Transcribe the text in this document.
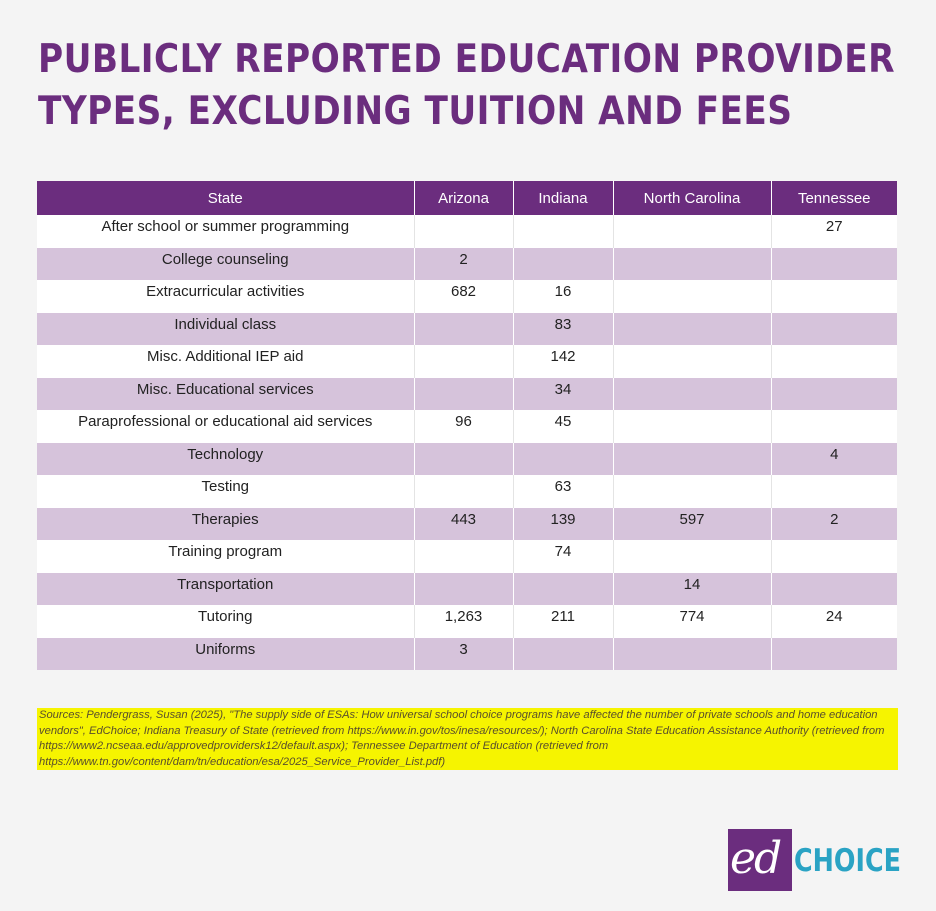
PUBLICLY REPORTED EDUCATION PROVIDER
TYPES, EXCLUDING TUITION AND FEES
State	Arizona	Indiana	North Carolina	Tennessee
After school or summer programming				27
College counseling	2			
Extracurricular activities	682	16		
Individual class		83		
Misc. Additional IEP aid		142		
Misc. Educational services		34		
Paraprofessional or educational aid services	96	45		
Technology				4
Testing		63		
Therapies	443	139	597	2
Training program		74		
Transportation			14	
Tutoring	1,263	211	774	24
Uniforms	3			

Sources: Pendergrass, Susan (2025), "The supply side of ESAs: How universal school choice programs have affected the number of private schools and home education vendors", EdChoice; Indiana Treasury of State (retrieved from https://www.in.gov/tos/inesa/resources/); North Carolina State Education Assistance Authority (retrieved from https://www2.ncseaa.edu/approvedprovidersk12/default.aspx); Tennessee Department of Education (retrieved from https://www.tn.gov/content/dam/tn/education/esa/2025_Service_Provider_List.pdf)

ed CHOICE
